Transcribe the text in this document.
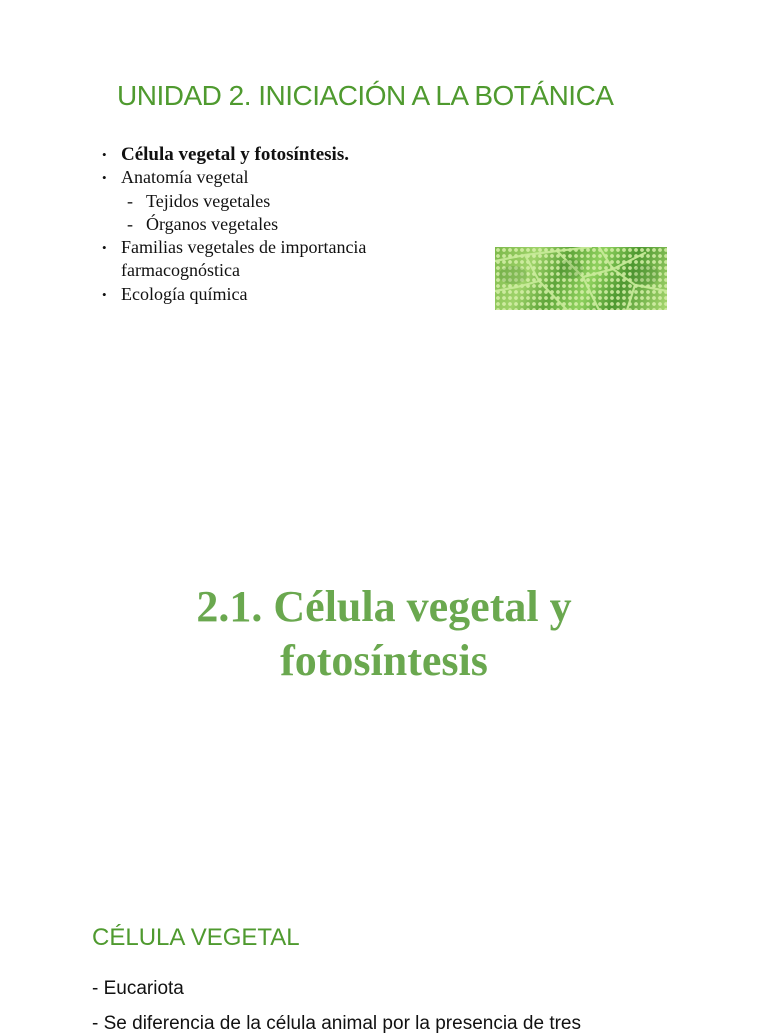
UNIDAD 2. INICIACIÓN A LA BOTÁNICA
• Célula vegetal y fotosíntesis.
• Anatomía vegetal
- Tejidos vegetales
- Órganos vegetales
• Familias vegetales de importancia
farmacognóstica
• Ecología química
2.1. Célula vegetal y
fotosíntesis
CÉLULA VEGETAL
- Eucariota
- Se diferencia de la célula animal por la presencia de tres
